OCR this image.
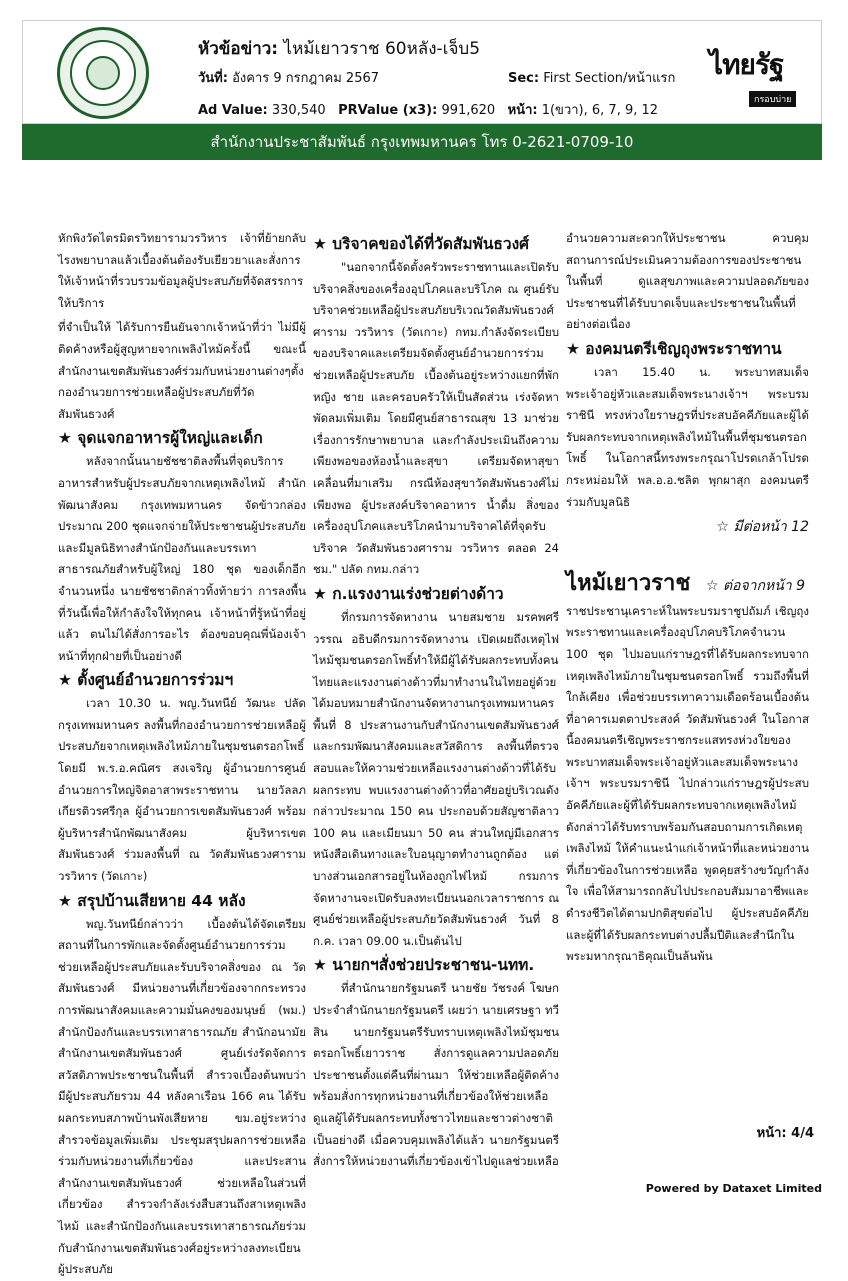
หัวข้อข่าว: ไหม้เยาวราช 60หลัง-เจ็บ5
วันที่: อังคาร 9 กรกฎาคม 2567	Sec: First Section/หน้าแรก
Ad Value: 330,540 PRValue (x3): 991,620 หน้า: 1(ขวา), 6, 7, 9, 12
ไทยรัฐ
กรอบบ่าย
สำนักงานประชาสัมพันธ์ กรุงเทพมหานคร โทร 0-2621-0709-10

หักพิงวัดไตรมิตรวิทยารามวรวิหาร เจ้าที่ย้ายกลับไรงพยาบาลแล้วเบื้องต้นต้องรับเยียวยาและสั่งการให้เจ้าหน้าที่รวบรวมข้อมูลผู้ประสบภัยที่จัดสรรการให้บริการ

ที่จำเป็นให้ ได้รับการยืนยันจากเจ้าหน้าที่ว่า ไม่มีผู้ติดค้างหรือผู้สูญหายจากเพลิงไหม้ครั้งนี้ ขณะนี้สำนักงานเขตสัมพันธวงศ์ร่วมกับหน่วยงานต่างๆตั้งกองอำนวยการช่วยเหลือผู้ประสบภัยที่วัดสัมพันธวงศ์

★ จุดแจกอาหารผู้ใหญ่และเด็ก

หลังจากนั้นนายชัชชาติลงพื้นที่จุดบริการอาหารสำหรับผู้ประสบภัยจากเหตุเพลิงไหม้ สำนักพัฒนาสังคม กรุงเทพมหานคร จัดข้าวกล่องประมาณ 200 ชุดแจกจ่ายให้ประชาชนผู้ประสบภัย และมีมูลนิธิทางสำนักป้องกันและบรรเทาสาธารณภัยสำหรับผู้ใหญ่ 180 ชุด ของเด็กอีกจำนวนหนึ่ง นายชัชชาติกล่าวทิ้งท้ายว่า การลงพื้นที่วันนี้เพื่อให้กำลังใจให้ทุกคน เจ้าหน้าที่รู้หน้าที่อยู่แล้ว ตนไม่ได้สั่งการอะไร ต้องขอบคุณพี่น้องเจ้าหน้าที่ทุกฝ่ายที่เป็นอย่างดี

★ ตั้งศูนย์อำนวยการร่วมฯ

เวลา 10.30 น. พญ.วันทนีย์ วัฒนะ ปลัดกรุงเทพมหานคร ลงพื้นที่กองอำนวยการช่วยเหลือผู้ประสบภัยจากเหตุเพลิงไหม้ภายในชุมชนตรอกโพธิ์ โดยมี พ.ร.อ.คณิศร สงเจริญ ผู้อำนวยการศูนย์อำนวยการใหญ่จิตอาสาพระราชทาน นายวัลลภ เกียรติวรศรีกุล ผู้อำนวยการเขตสัมพันธวงศ์ พร้อมผู้บริหารสำนักพัฒนาสังคม ผู้บริหารเขตสัมพันธวงศ์ ร่วมลงพื้นที่ ณ วัดสัมพันธวงศาราม วรวิหาร (วัดเกาะ)

★ สรุปบ้านเสียหาย 44 หลัง

พญ.วันทนีย์กล่าวว่า เบื้องต้นได้จัดเตรียมสถานที่ในการพักและจัดตั้งศูนย์อำนวยการร่วมช่วยเหลือผู้ประสบภัยและรับบริจาคสิ่งของ ณ วัดสัมพันธวงศ์ มีหน่วยงานที่เกี่ยวข้องจากกระทรวงการพัฒนาสังคมและความมั่นคงของมนุษย์ (พม.) สำนักป้องกันและบรรเทาสาธารณภัย สำนักอนามัย สำนักงานเขตสัมพันธวงศ์ ศูนย์เร่งรัดจัดการสวัสดิภาพประชาชนในพื้นที่ สำรวจเบื้องต้นพบว่า มีผู้ประสบภัยรวม 44 หลังคาเรือน 166 คน ได้รับผลกระทบสภาพบ้านพังเสียหาย ขม.อยู่ระหว่างสำรวจข้อมูลเพิ่มเติม ประชุมสรุปผลการช่วยเหลือร่วมกับหน่วยงานที่เกี่ยวข้อง และประสานสำนักงานเขตสัมพันธวงศ์ ช่วยเหลือในส่วนที่เกี่ยวข้อง สำรวจกำลังเร่งสืบสวนถึงสาเหตุเพลิงไหม้ และสำนักป้องกันและบรรเทาสาธารณภัยร่วมกับสำนักงานเขตสัมพันธวงศ์อยู่ระหว่างลงทะเบียนผู้ประสบภัย

★ บริจาคของได้ที่วัดสัมพันธวงศ์

"นอกจากนี้จัดตั้งครัวพระราชทานและเปิดรับบริจาคสิ่งของเครื่องอุปโภคและบริโภค ณ ศูนย์รับบริจาคช่วยเหลือผู้ประสบภัยบริเวณวัดสัมพันธวงศ์ศาราม วรวิหาร (วัดเกาะ) กทม.กำลังจัดระเบียบของบริจาคและเตรียมจัดตั้งศูนย์อำนวยการร่วมช่วยเหลือผู้ประสบภัย เบื้องต้นอยู่ระหว่างแยกที่พักหญิง ชาย และครอบครัวให้เป็นสัดส่วน เร่งจัดหาพัดลมเพิ่มเติม โดยมีศูนย์สาธารณสุข 13 มาช่วยเรื่องการรักษาพยาบาล และกำลังประเมินถึงความเพียงพอของห้องน้ำและสุขา เตรียมจัดหาสุขาเคลื่อนที่มาเสริม กรณีห้องสุขาวัดสัมพันธวงศ์ไม่เพียงพอ ผู้ประสงค์บริจาคอาหาร น้ำดื่ม สิ่งของ เครื่องอุปโภคและบริโภคนำมาบริจาคได้ที่จุดรับบริจาค วัดสัมพันธวงศาราม วรวิหาร ตลอด 24 ชม." ปลัด กทม.กล่าว

★ ก.แรงงานเร่งช่วยต่างด้าว

ที่กรมการจัดหางาน นายสมชาย มรคพศรีวรรณ อธิบดีกรมการจัดหางาน เปิดเผยถึงเหตุไฟไหม้ชุมชนตรอกโพธิ์ทำให้มีผู้ได้รับผลกระทบทั้งคนไทยและแรงงานต่างด้าวที่มาทำงานในไทยอยู่ด้วย ได้มอบหมายสำนักงานจัดหางานกรุงเทพมหานครพื้นที่ 8 ประสานงานกับสำนักงานเขตสัมพันธวงศ์และกรมพัฒนาสังคมและสวัสดิการ ลงพื้นที่ตรวจสอบและให้ความช่วยเหลือแรงงานต่างด้าวที่ได้รับผลกระทบ พบแรงงานต่างด้าวที่อาศัยอยู่บริเวณดังกล่าวประมาณ 150 คน ประกอบด้วยสัญชาติลาว 100 คน และเมียนมา 50 คน ส่วนใหญ่มีเอกสารหนังสือเดินทางและใบอนุญาตทำงานถูกต้อง แต่บางส่วนเอกสารอยู่ในห้องถูกไฟไหม้ กรมการจัดหางานจะเปิดรับลงทะเบียนนอกเวลาราชการ ณ ศูนย์ช่วยเหลือผู้ประสบภัยวัดสัมพันธวงศ์ วันที่ 8 ก.ค. เวลา 09.00 น.เป็นต้นไป

★ นายกฯสั่งช่วยประชาชน-นทท.

ที่สำนักนายกรัฐมนตรี นายชัย วัชรงค์ โฆษกประจำสำนักนายกรัฐมนตรี เผยว่า นายเศรษฐา ทวีสิน นายกรัฐมนตรีรับทราบเหตุเพลิงไหม้ชุมชนตรอกโพธิ์เยาวราช สั่งการดูแลความปลอดภัยประชาชนตั้งแต่คืนที่ผ่านมา ให้ช่วยเหลือผู้ติดค้าง พร้อมสั่งการทุกหน่วยงานที่เกี่ยวข้องให้ช่วยเหลือดูแลผู้ได้รับผลกระทบทั้งชาวไทยและชาวต่างชาติเป็นอย่างดี เมื่อควบคุมเพลิงได้แล้ว นายกรัฐมนตรีสั่งการให้หน่วยงานที่เกี่ยวข้องเข้าไปดูแลช่วยเหลือ

อำนวยความสะดวกให้ประชาชน ควบคุมสถานการณ์ประเมินความต้องการของประชาชนในพื้นที่ ดูแลสุขภาพและความปลอดภัยของประชาชนที่ได้รับบาดเจ็บและประชาชนในพื้นที่อย่างต่อเนื่อง

★ องคมนตรีเชิญถุงพระราชทาน

เวลา 15.40 น. พระบาทสมเด็จพระเจ้าอยู่หัวและสมเด็จพระนางเจ้าฯ พระบรมราชินี ทรงห่วงใยราษฎรที่ประสบอัคคีภัยและผู้ได้รับผลกระทบจากเหตุเพลิงไหม้ในพื้นที่ชุมชนตรอกโพธิ์ ในโอกาสนี้ทรงพระกรุณาโปรดเกล้าโปรดกระหม่อมให้ พล.อ.อ.ชลิต พุกผาสุก องคมนตรี ร่วมกับมูลนิธิ

☆ มีต่อหน้า 12

ไหม้เยาวราช ☆ ต่อจากหน้า 9

ราชประชานุเคราะห์ในพระบรมราชูปถัมภ์ เชิญถุงพระราชทานและเครื่องอุปโภคบริโภคจำนวน 100 ชุด ไปมอบแก่ราษฎรที่ได้รับผลกระทบจากเหตุเพลิงไหม้ภายในชุมชนตรอกโพธิ์ รวมถึงพื้นที่ใกล้เคียง เพื่อช่วยบรรเทาความเดือดร้อนเบื้องต้น ที่อาคารเมตตาประสงค์ วัดสัมพันธวงศ์ ในโอกาสนี้องคมนตรีเชิญพระราชกระแสทรงห่วงใยของพระบาทสมเด็จพระเจ้าอยู่หัวและสมเด็จพระนางเจ้าฯ พระบรมราชินี ไปกล่าวแก่ราษฎรผู้ประสบอัคคีภัยและผู้ที่ได้รับผลกระทบจากเหตุเพลิงไหม้ดังกล่าวได้รับทราบพร้อมกันสอบถามการเกิดเหตุเพลิงไหม้ ให้คำแนะนำแก่เจ้าหน้าที่และหน่วยงานที่เกี่ยวข้องในการช่วยเหลือ พูดคุยสร้างขวัญกำลังใจ เพื่อให้สามารถกลับไปประกอบสัมมาอาชีพและดำรงชีวิตได้ตามปกติสุขต่อไป ผู้ประสบอัคคีภัยและผู้ที่ได้รับผลกระทบต่างปลื้มปีติและสำนึกในพระมหากรุณาธิคุณเป็นล้นพ้น

หน้า: 4/4
Powered by Dataxet Limited
